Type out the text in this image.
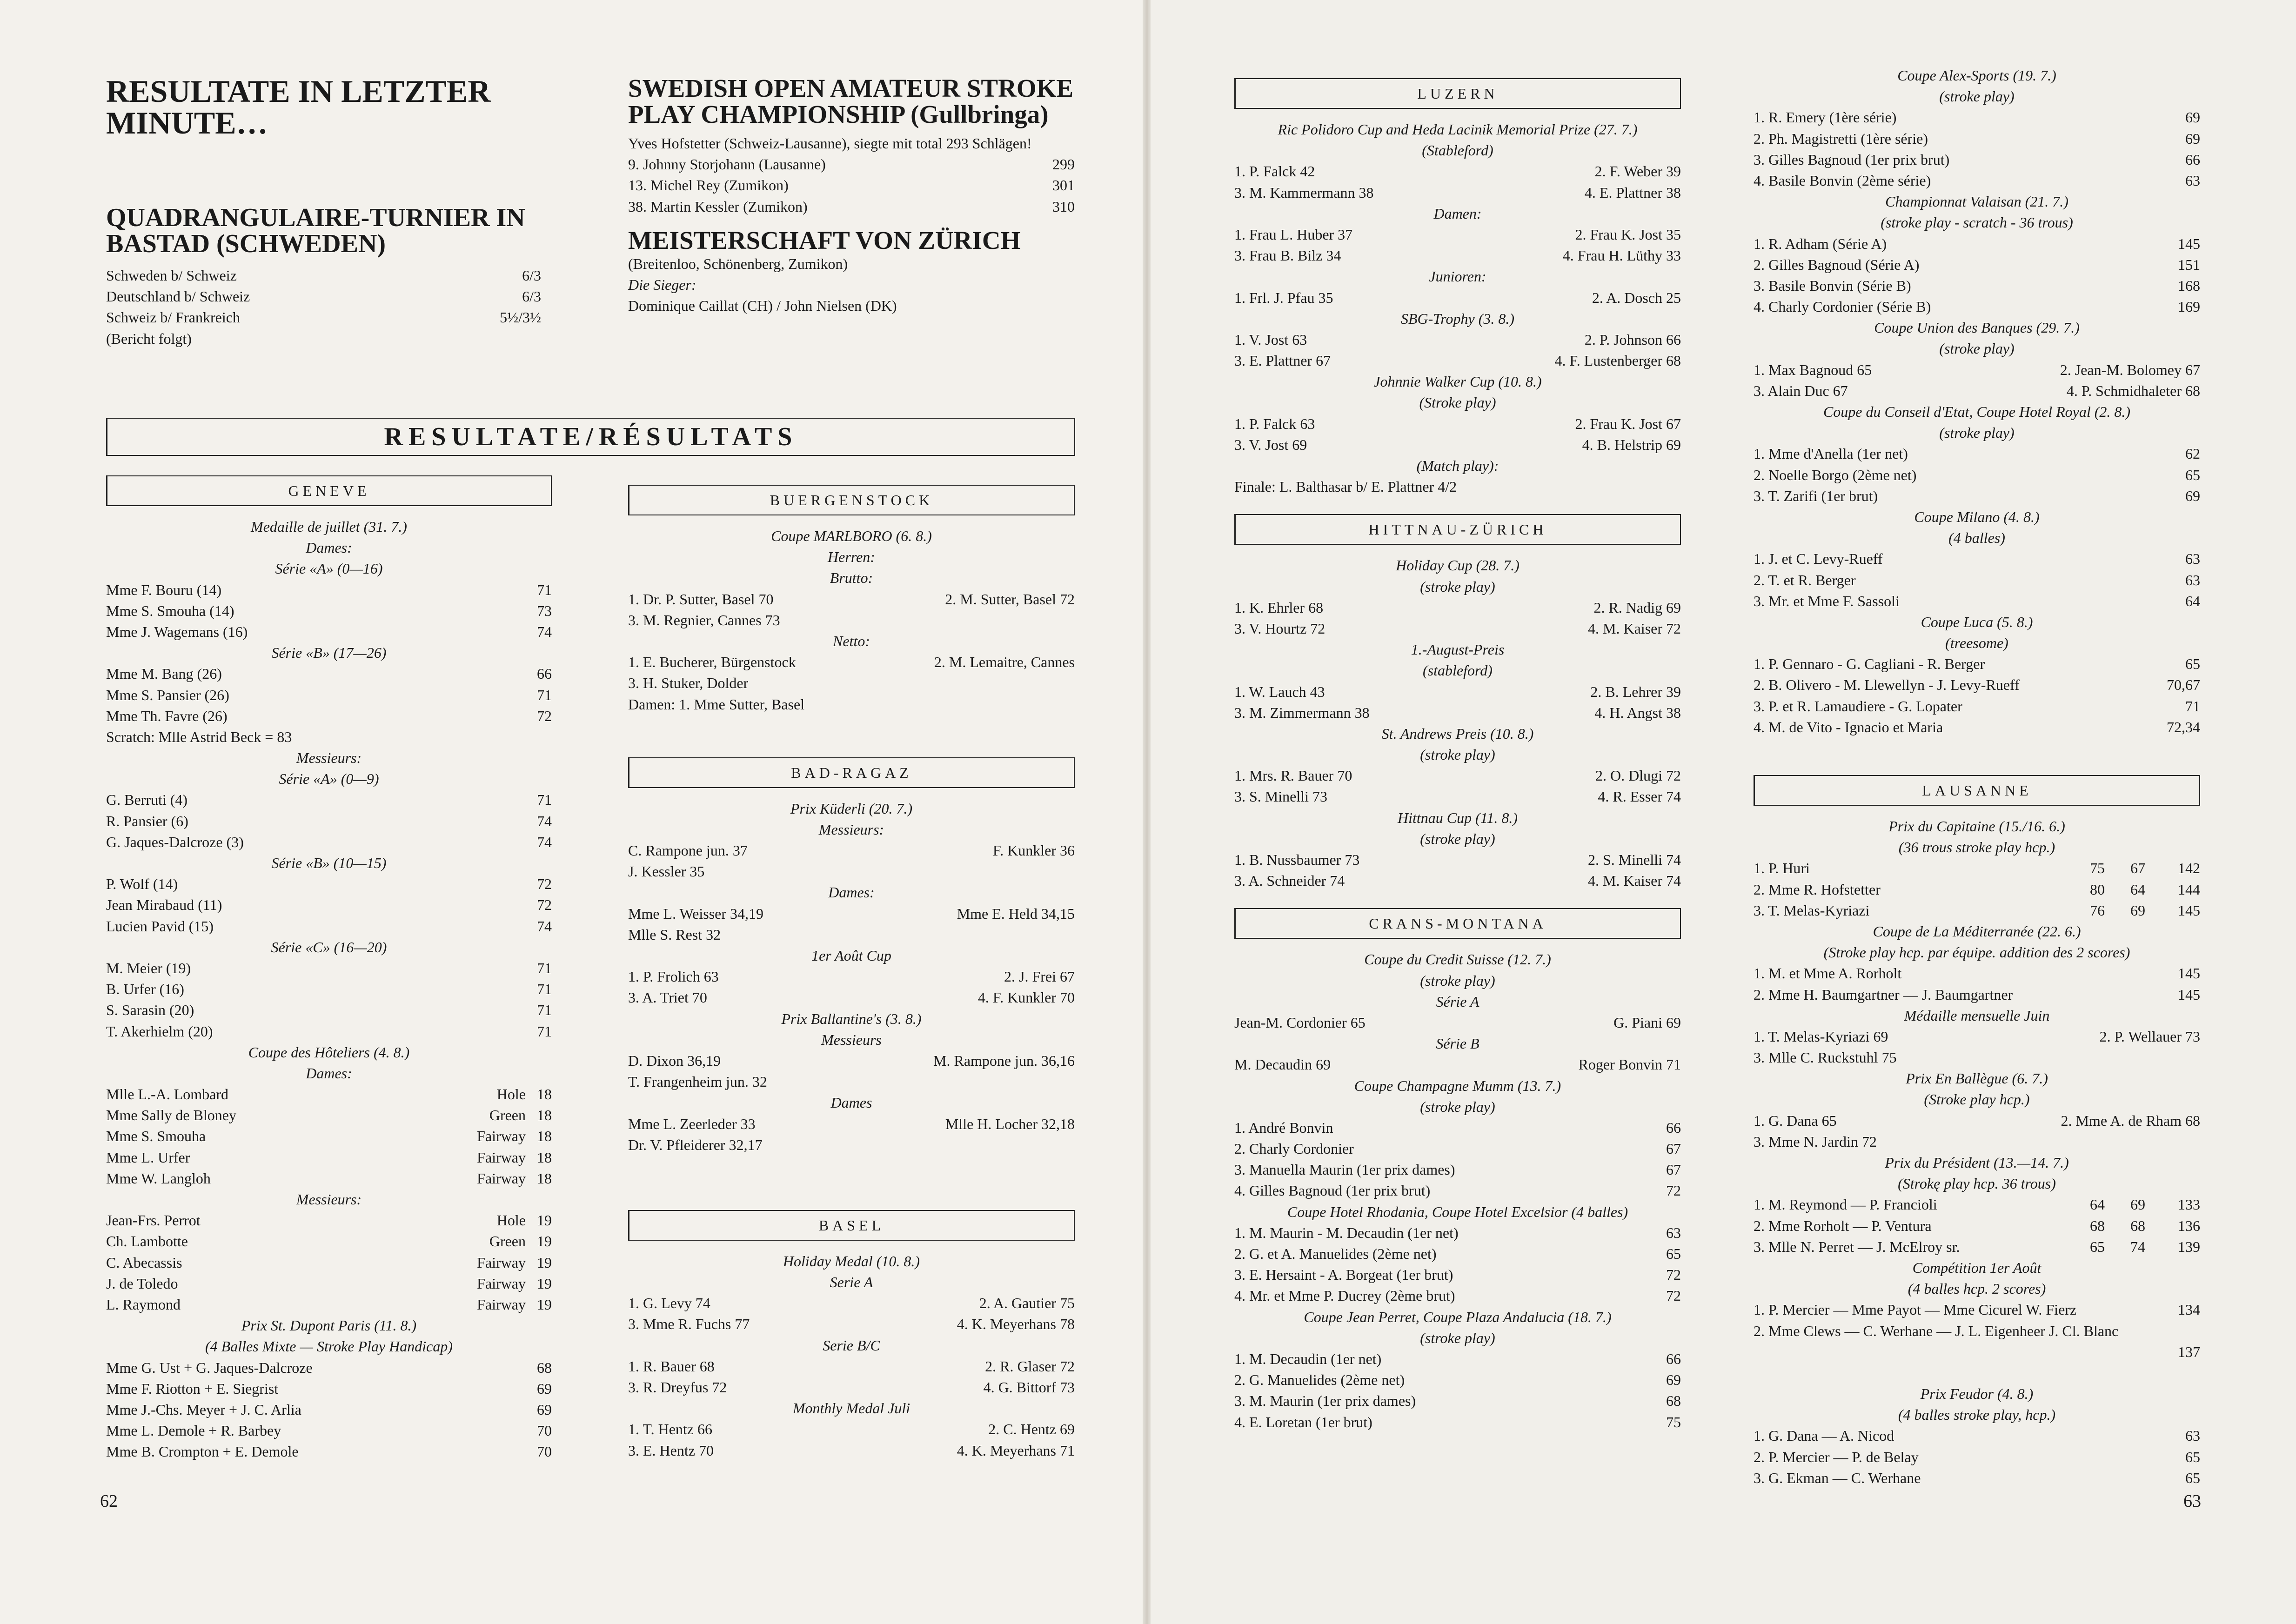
RESULTATE IN LETZTER MINUTE…
QUADRANGULAIRE-TURNIER IN BASTAD (SCHWEDEN)
Schweden b/ Schweiz	6/3
Deutschland b/ Schweiz	6/3
Schweiz b/ Frankreich	5½/3½
(Bericht folgt)
SWEDISH OPEN AMATEUR STROKE PLAY CHAMPIONSHIP (Gullbringa)
Yves Hofstetter (Schweiz-Lausanne), siegte mit total 293 Schlägen!
9. Johnny Storjohann (Lausanne)	299
13. Michel Rey (Zumikon)	301
38. Martin Kessler (Zumikon)	310
MEISTERSCHAFT VON ZÜRICH
(Breitenloo, Schönenberg, Zumikon)
Die Sieger:
Dominique Caillat (CH) / John Nielsen (DK)
RESULTATE/RÉSULTATS
GENEVE
Medaille de juillet (31. 7.)
Dames:
Série «A» (0—16)
Mme F. Bouru (14)	71
Mme S. Smouha (14)	73
Mme J. Wagemans (16)	74
Série «B» (17—26)
Mme M. Bang (26)	66
Mme S. Pansier (26)	71
Mme Th. Favre (26)	72
Scratch: Mlle Astrid Beck = 83
Messieurs:
Série «A» (0—9)
G. Berruti (4)	71
R. Pansier (6)	74
G. Jaques-Dalcroze (3)	74
Série «B» (10—15)
P. Wolf (14)	72
Jean Mirabaud (11)	72
Lucien Pavid (15)	74
Série «C» (16—20)
M. Meier (19)	71
B. Urfer (16)	71
S. Sarasin (20)	71
T. Akerhielm (20)	71
Coupe des Hôteliers (4. 8.)
Dames:
Mlle L.-A. Lombard	Hole 18
Mme Sally de Bloney	Green 18
Mme S. Smouha	Fairway 18
Mme L. Urfer	Fairway 18
Mme W. Langloh	Fairway 18
Messieurs:
Jean-Frs. Perrot	Hole 19
Ch. Lambotte	Green 19
C. Abecassis	Fairway 19
J. de Toledo	Fairway 19
L. Raymond	Fairway 19
Prix St. Dupont Paris (11. 8.)
(4 Balles Mixte — Stroke Play Handicap)
Mme G. Ust + G. Jaques-Dalcroze	68
Mme F. Riotton + E. Siegrist	69
Mme J.-Chs. Meyer + J. C. Arlia	69
Mme L. Demole + R. Barbey	70
Mme B. Crompton + E. Demole	70
BUERGENSTOCK
Coupe MARLBORO (6. 8.)
Herren:
Brutto:
1. Dr. P. Sutter, Basel 70	2. M. Sutter, Basel 72
3. M. Regnier, Cannes 73
Netto:
1. E. Bucherer, Bürgenstock	2. M. Lemaitre, Cannes
3. H. Stuker, Dolder
Damen: 1. Mme Sutter, Basel
BAD-RAGAZ
Prix Küderli (20. 7.)
Messieurs:
C. Rampone jun. 37	F. Kunkler 36
J. Kessler 35
Dames:
Mme L. Weisser 34,19	Mme E. Held 34,15
Mlle S. Rest 32
1er Août Cup
1. P. Frolich 63	2. J. Frei 67
3. A. Triet 70	4. F. Kunkler 70
Prix Ballantine's (3. 8.)
Messieurs
D. Dixon 36,19	M. Rampone jun. 36,16
T. Frangenheim jun. 32
Dames
Mme L. Zeerleder 33	Mlle H. Locher 32,18
Dr. V. Pfleiderer 32,17
BASEL
Holiday Medal (10. 8.)
Serie A
1. G. Levy 74	2. A. Gautier 75
3. Mme R. Fuchs 77	4. K. Meyerhans 78
Serie B/C
1. R. Bauer 68	2. R. Glaser 72
3. R. Dreyfus 72	4. G. Bittorf 73
Monthly Medal Juli
1. T. Hentz 66	2. C. Hentz 69
3. E. Hentz 70	4. K. Meyerhans 71
62
LUZERN
Ric Polidoro Cup and Heda Lacinik Memorial Prize (27. 7.)
(Stableford)
1. P. Falck 42	2. F. Weber 39
3. M. Kammermann 38	4. E. Plattner 38
Damen:
1. Frau L. Huber 37	2. Frau K. Jost 35
3. Frau B. Bilz 34	4. Frau H. Lüthy 33
Junioren:
1. Frl. J. Pfau 35	2. A. Dosch 25
SBG-Trophy (3. 8.)
1. V. Jost 63	2. P. Johnson 66
3. E. Plattner 67	4. F. Lustenberger 68
Johnnie Walker Cup (10. 8.)
(Stroke play)
1. P. Falck 63	2. Frau K. Jost 67
3. V. Jost 69	4. B. Helstrip 69
(Match play):
Finale: L. Balthasar b/ E. Plattner 4/2
HITTNAU-ZÜRICH
Holiday Cup (28. 7.)
(stroke play)
1. K. Ehrler 68	2. R. Nadig 69
3. V. Hourtz 72	4. M. Kaiser 72
1.-August-Preis
(stableford)
1. W. Lauch 43	2. B. Lehrer 39
3. M. Zimmermann 38	4. H. Angst 38
St. Andrews Preis (10. 8.)
(stroke play)
1. Mrs. R. Bauer 70	2. O. Dlugi 72
3. S. Minelli 73	4. R. Esser 74
Hittnau Cup (11. 8.)
(stroke play)
1. B. Nussbaumer 73	2. S. Minelli 74
3. A. Schneider 74	4. M. Kaiser 74
CRANS-MONTANA
Coupe du Credit Suisse (12. 7.)
(stroke play)
Série A
Jean-M. Cordonier 65	G. Piani 69
Série B
M. Decaudin 69	Roger Bonvin 71
Coupe Champagne Mumm (13. 7.)
(stroke play)
1. André Bonvin	66
2. Charly Cordonier	67
3. Manuella Maurin (1er prix dames)	67
4. Gilles Bagnoud (1er prix brut)	72
Coupe Hotel Rhodania, Coupe Hotel Excelsior (4 balles)
1. M. Maurin - M. Decaudin (1er net)	63
2. G. et A. Manuelides (2ème net)	65
3. E. Hersaint - A. Borgeat (1er brut)	72
4. Mr. et Mme P. Ducrey (2ème brut)	72
Coupe Jean Perret, Coupe Plaza Andalucia (18. 7.)
(stroke play)
1. M. Decaudin (1er net)	66
2. G. Manuelides (2ème net)	69
3. M. Maurin (1er prix dames)	68
4. E. Loretan (1er brut)	75
Coupe Alex-Sports (19. 7.)
(stroke play)
1. R. Emery (1ère série)	69
2. Ph. Magistretti (1ère série)	69
3. Gilles Bagnoud (1er prix brut)	66
4. Basile Bonvin (2ème série)	63
Championnat Valaisan (21. 7.)
(stroke play - scratch - 36 trous)
1. R. Adham (Série A)	145
2. Gilles Bagnoud (Série A)	151
3. Basile Bonvin (Série B)	168
4. Charly Cordonier (Série B)	169
Coupe Union des Banques (29. 7.)
(stroke play)
1. Max Bagnoud 65	2. Jean-M. Bolomey 67
3. Alain Duc 67	4. P. Schmidhaleter 68
Coupe du Conseil d'Etat, Coupe Hotel Royal (2. 8.)
(stroke play)
1. Mme d'Anella (1er net)	62
2. Noelle Borgo (2ème net)	65
3. T. Zarifi (1er brut)	69
Coupe Milano (4. 8.)
(4 balles)
1. J. et C. Levy-Rueff	63
2. T. et R. Berger	63
3. Mr. et Mme F. Sassoli	64
Coupe Luca (5. 8.)
(treesome)
1. P. Gennaro - G. Cagliani - R. Berger	65
2. B. Olivero - M. Llewellyn - J. Levy-Rueff	70,67
3. P. et R. Lamaudiere - G. Lopater	71
4. M. de Vito - Ignacio et Maria	72,34
LAUSANNE
Prix du Capitaine (15./16. 6.)
(36 trous stroke play hcp.)
1. P. Huri	75 67 142
2. Mme R. Hofstetter	80 64 144
3. T. Melas-Kyriazi	76 69 145
Coupe de La Méditerranée (22. 6.)
(Stroke play hcp. par équipe. addition des 2 scores)
1. M. et Mme A. Rorholt	145
2. Mme H. Baumgartner — J. Baumgartner	145
Médaille mensuelle Juin
1. T. Melas-Kyriazi 69	2. P. Wellauer 73
3. Mlle C. Ruckstuhl 75
Prix En Ballègue (6. 7.)
(Stroke play hcp.)
1. G. Dana 65	2. Mme A. de Rham 68
3. Mme N. Jardin 72
Prix du Président (13.—14. 7.)
(Strokę play hcp. 36 trous)
1. M. Reymond — P. Francioli	64 69 133
2. Mme Rorholt — P. Ventura	68 68 136
3. Mlle N. Perret — J. McElroy sr.	65 74 139
Compétition 1er Août
(4 balles hcp. 2 scores)
1. P. Mercier — Mme Payot — Mme Cicurel W. Fierz	134
2. Mme Clews — C. Werhane — J. L. Eigenheer J. Cl. Blanc
137
Prix Feudor (4. 8.)
(4 balles stroke play, hcp.)
1. G. Dana — A. Nicod	63
2. P. Mercier — P. de Belay	65
3. G. Ekman — C. Werhane	65
63
